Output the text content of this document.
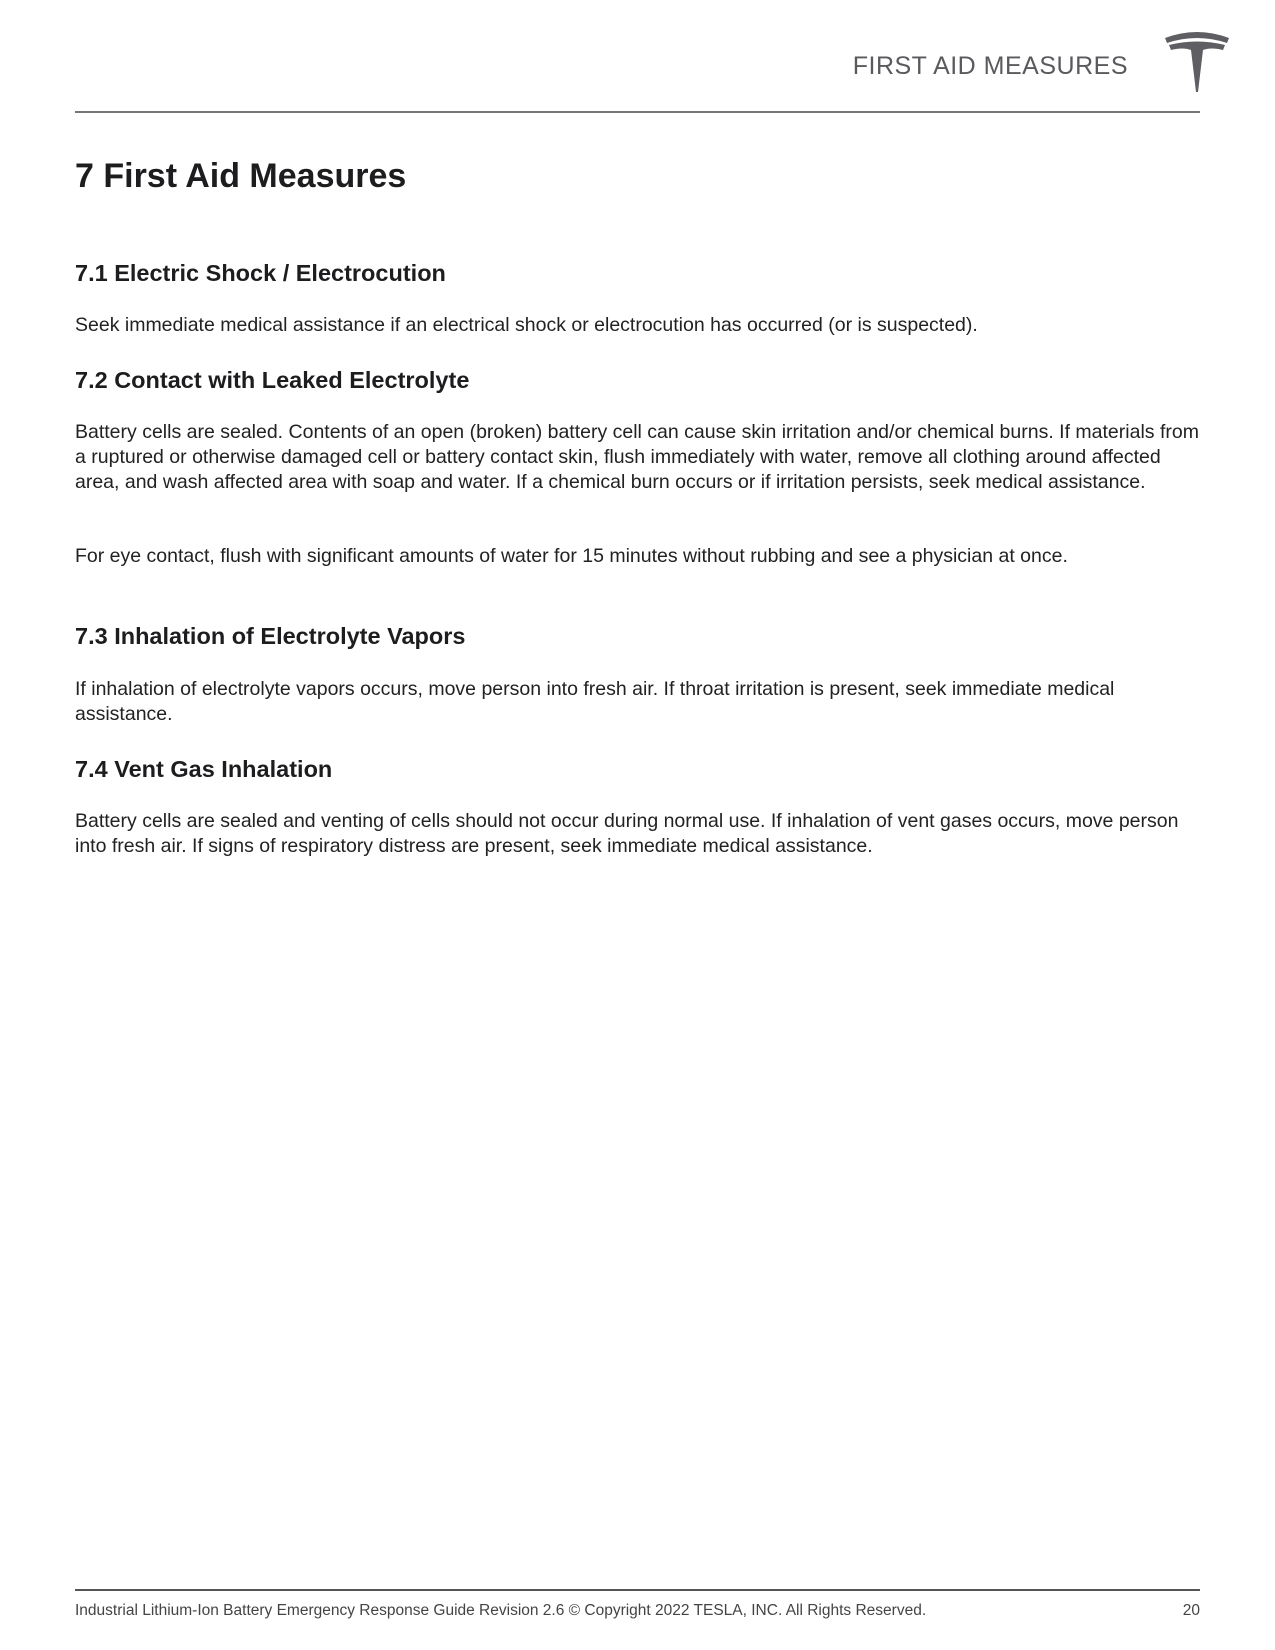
FIRST AID MEASURES
7 First Aid Measures
7.1 Electric Shock / Electrocution

Seek immediate medical assistance if an electrical shock or electrocution has occurred (or is suspected).

7.2 Contact with Leaked Electrolyte

Battery cells are sealed. Contents of an open (broken) battery cell can cause skin irritation and/or chemical burns. If materials from a ruptured or otherwise damaged cell or battery contact skin, flush immediately with water, remove all clothing around affected area, and wash affected area with soap and water. If a chemical burn occurs or if irritation persists, seek medical assistance.

For eye contact, flush with significant amounts of water for 15 minutes without rubbing and see a physician at once.

7.3 Inhalation of Electrolyte Vapors

If inhalation of electrolyte vapors occurs, move person into fresh air. If throat irritation is present, seek immediate medical assistance.

7.4 Vent Gas Inhalation

Battery cells are sealed and venting of cells should not occur during normal use. If inhalation of vent gases occurs, move person into fresh air. If signs of respiratory distress are present, seek immediate medical assistance.

Industrial Lithium-Ion Battery Emergency Response Guide Revision 2.6 © Copyright 2022 TESLA, INC. All Rights Reserved.	20
